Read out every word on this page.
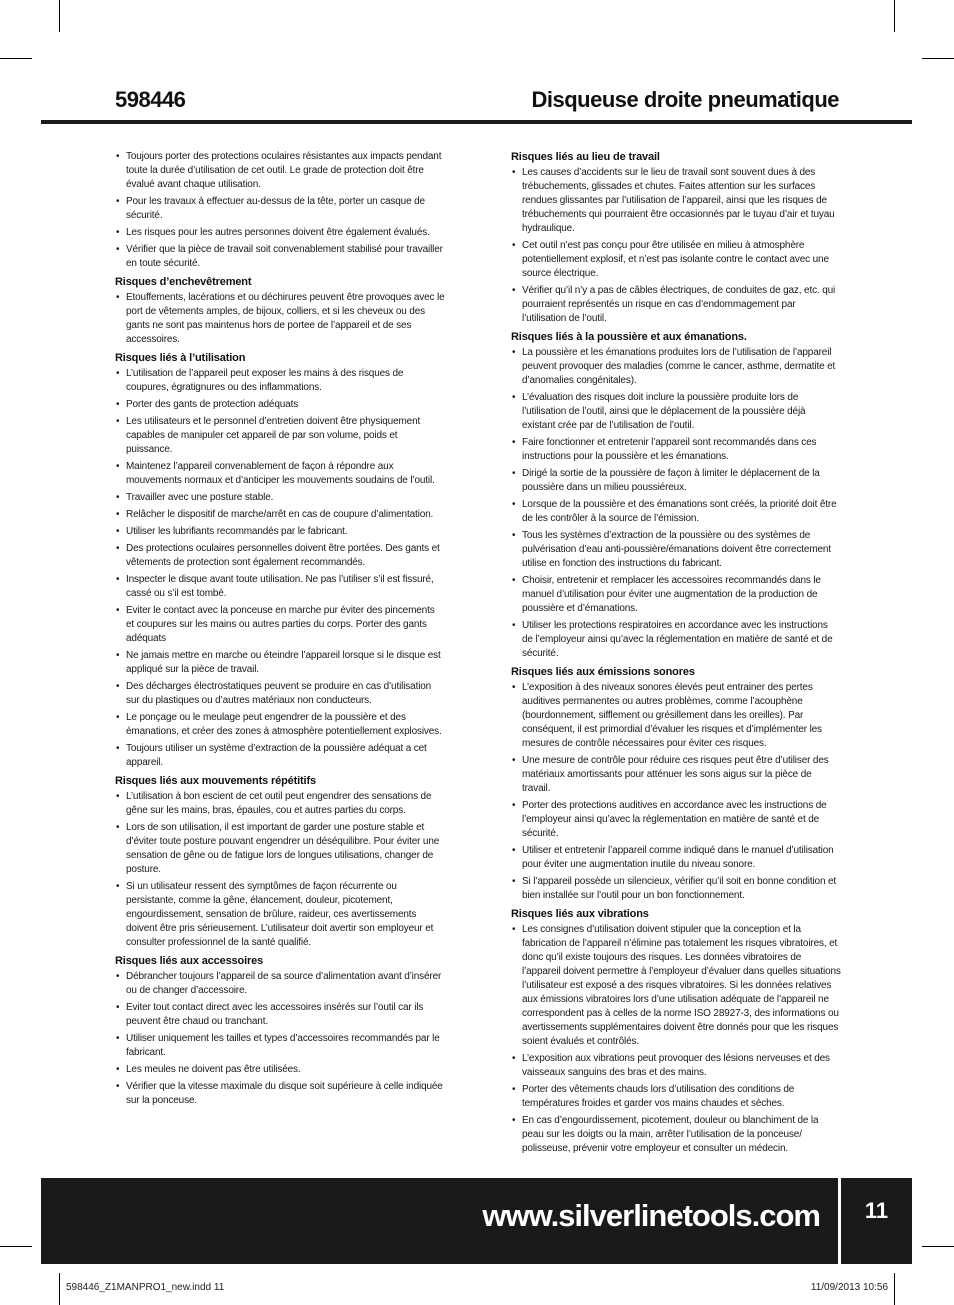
598446	Disqueuse droite pneumatique
• Toujours porter des protections oculaires résistantes aux impacts pendant toute la durée d’utilisation de cet outil. Le grade de protection doit être évalué avant chaque utilisation.
• Pour les travaux à effectuer au-dessus de la tête, porter un casque de sécurité.
• Les risques pour les autres personnes doivent être également évalués.
• Vérifier que la pièce de travail soit convenablement stabilisé pour travailler en toute sécurité.
Risques d’enchevêtrement
• Etouffements, lacérations et ou déchirures peuvent être provoques avec le port de vêtements amples, de bijoux, colliers, et si les cheveux ou des gants ne sont pas maintenus hors de portee de l’appareil et de ses accessoires.
Risques liés à l’utilisation
• L’utilisation de l’appareil peut exposer les mains à des risques de coupures, égratignures ou des inflammations.
• Porter des gants de protection adéquats
• Les utilisateurs et le personnel d’entretien doivent être physiquement capables de manipuler cet appareil de par son volume, poids et puissance.
• Maintenez l’appareil convenablement de façon à répondre aux mouvements normaux et d’anticiper les mouvements soudains de l’outil.
• Travailler avec une posture stable.
• Relâcher le dispositif de marche/arrêt en cas de coupure d’alimentation.
• Utiliser les lubrifiants recommandés par le fabricant.
• Des protections oculaires personnelles doivent être portées. Des gants et vêtements de protection sont également recommandés.
• Inspecter le disque avant toute utilisation. Ne pas l’utiliser s’il est fissuré, cassé ou s’il est tombé.
• Eviter le contact avec la ponceuse en marche pur éviter des pincements et coupures sur les mains ou autres parties du corps. Porter des gants adéquats
• Ne jamais mettre en marche ou éteindre l’appareil lorsque si le disque est appliqué sur la pièce de travail.
• Des décharges électrostatiques peuvent se produire en cas d’utilisation sur du plastiques ou d’autres matériaux non conducteurs.
• Le ponçage ou le meulage peut engendrer de la poussière et des émanations, et créer des zones à atmosphère potentiellement explosives.
• Toujours utiliser un système d’extraction de la poussière adéquat a cet appareil.
Risques liés aux mouvements répétitifs
• L’utilisation à bon escient de cet outil peut engendrer des sensations de gêne sur les mains, bras, épaules, cou et autres parties du corps.
• Lors de son utilisation, il est important de garder une posture stable et d’éviter toute posture pouvant engendrer un déséquilibre. Pour éviter une sensation de gêne ou de fatigue lors de longues utilisations, changer de posture.
• Si un utilisateur ressent des symptômes de façon récurrente ou persistante, comme la gêne, élancement, douleur, picotement, engourdissement, sensation de brûlure, raideur, ces avertissements doivent être pris sérieusement. L’utilisateur doit avertir son employeur et consulter professionnel de la santé qualifié.
Risques liés aux accessoires
• Débrancher toujours l’appareil de sa source d’alimentation avant d’insérer ou de changer d’accessoire.
• Eviter tout contact direct avec les accessoires insérés sur l’outil car ils peuvent être chaud ou tranchant.
• Utiliser uniquement les tailles et types d’accessoires recommandés par le fabricant.
• Les meules ne doivent pas être utilisées.
• Vérifier que la vitesse maximale du disque soit supérieure à celle indiquée sur la ponceuse.
Risques liés au lieu de travail
• Les causes d’accidents sur le lieu de travail sont souvent dues à des trébuchements, glissades et chutes. Faites attention sur les surfaces rendues glissantes par l’utilisation de l’appareil, ainsi que les risques de trébuchements qui pourraient être occasionnés par le tuyau d’air et tuyau hydraulique.
• Cet outil n’est pas conçu pour être utilisée en milieu à atmosphère potentiellement explosif, et n’est pas isolante contre le contact avec une source électrique.
• Vérifier qu’il n’y a pas de câbles électriques, de conduites de gaz, etc. qui pourraient représentés un risque en cas d’endommagement par l’utilisation de l’outil.
Risques liés à la poussière et aux émanations.
• La poussière et les émanations produites lors de l’utilisation de l’appareil peuvent provoquer des maladies (comme le cancer, asthme, dermatite et d’anomalies congénitales).
• L’évaluation des risques doit inclure la poussière produite lors de l’utilisation de l’outil, ainsi que le déplacement de la poussière déjà existant crée par de l’utilisation de l’outil.
• Faire fonctionner et entretenir l’appareil sont recommandés dans ces instructions pour la poussière et les émanations.
• Dirigé la sortie de la poussière de façon à limiter le déplacement de la poussière dans un milieu poussiéreux.
• Lorsque de la poussière et des émanations sont créés, la priorité doit être de les contrôler à la source de l’émission.
• Tous les systèmes d’extraction de la poussière ou des systèmes de pulvérisation d’eau anti-poussière/émanations doivent être correctement utilise en fonction des instructions du fabricant.
• Choisir, entretenir et remplacer les accessoires recommandés dans le manuel d’utilisation pour éviter une augmentation de la production de poussière et d’émanations.
• Utiliser les protections respiratoires en accordance avec les instructions de l’employeur ainsi qu’avec la réglementation en matière de santé et de sécurité.
Risques liés aux émissions sonores
• L’exposition à des niveaux sonores élevés peut entrainer des pertes auditives permanentes ou autres problèmes, comme l’acouphène (bourdonnement, sifflement ou grésillement dans les oreilles). Par conséquent, il est primordial d’évaluer les risques et d’implémenter les mesures de contrôle nécessaires pour éviter ces risques.
• Une mesure de contrôle pour réduire ces risques peut être d’utiliser des matériaux amortissants pour atténuer les sons aigus sur la pièce de travail.
• Porter des protections auditives en accordance avec les instructions de l’employeur ainsi qu’avec la réglementation en matière de santé et de sécurité.
• Utiliser et entretenir l’appareil comme indiqué dans le manuel d’utilisation pour éviter une augmentation inutile du niveau sonore.
• Si l’appareil possède un silencieux, vérifier qu’il soit en bonne condition et bien installée sur l’outil pour un bon fonctionnement.
Risques liés aux vibrations
• Les consignes d’utilisation doivent stipuler que la conception et la fabrication de l’appareil n’élimine pas totalement les risques vibratoires, et donc qu’il existe toujours des risques. Les données vibratoires de l’appareil doivent permettre à l’employeur d’évaluer dans quelles situations l’utilisateur est exposé a des risques vibratoires. Si les données relatives aux émissions vibratoires lors d’une utilisation adéquate de l’appareil ne correspondent pas à celles de la norme ISO 28927-3, des informations ou avertissements supplémentaires doivent être donnés pour que les risques soient évalués et contrôlés.
• L’exposition aux vibrations peut provoquer des lésions nerveuses et des vaisseaux sanguins des bras et des mains.
• Porter des vêtements chauds lors d’utilisation des conditions de températures froides et garder vos mains chaudes et sèches.
• En cas d’engourdissement, picotement, douleur ou blanchiment de la peau sur les doigts ou la main, arrêter l’utilisation de la ponceuse/ polisseuse, prévenir votre employeur et consulter un médecin.
www.silverlinetools.com	11
598446_Z1MANPRO1_new.indd 11	11/09/2013 10:56
